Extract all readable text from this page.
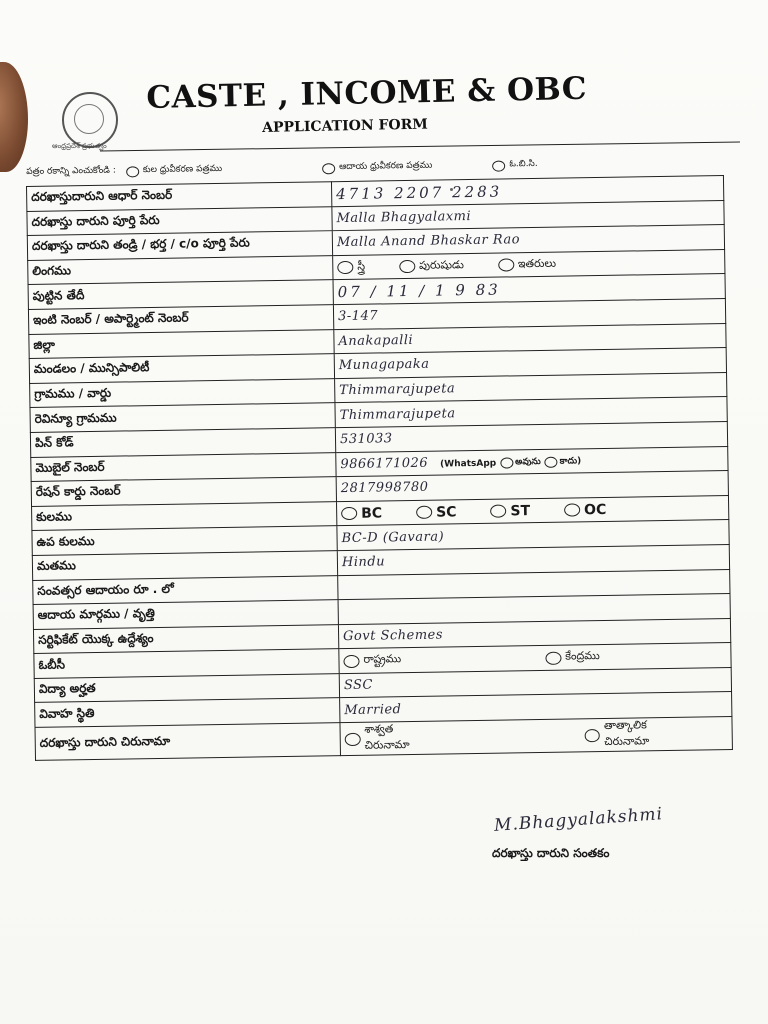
ఆంధ్రప్రదేశ్ ప్రభుత్వం
CASTE , INCOME & OBC
APPLICATION FORM
పత్రం రకాన్ని ఎంచుకోండి :	కుల ధ్రువీకరణ పత్రము	ఆదాయ ధ్రువీకరణ పత్రము	ఓ.బి.సి.
దరఖాస్తుదారుని ఆధార్ నెంబర్	4713 2207 2283
దరఖాస్తు దారుని పూర్తి పేరు	Malla Bhagyalaxmi
దరఖాస్తు దారుని తండ్రి / భర్త / c/o పూర్తి పేరు	Malla Anand Bhaskar Rao
లింగము	స్త్రీ పురుషుడు ఇతరులు

పుట్టిన తేదీ	07 / 11 / 1 9 83
ఇంటి నెంబర్ / అపార్ట్మెంట్ నెంబర్	3-147
జిల్లా	Anakapalli
మండలం / మున్సిపాలిటీ	Munagapaka
గ్రామము / వార్డు	Thimmarajupeta
రెవిన్యూ గ్రామము	Thimmarajupeta
పిన్ కోడ్	531033
మొబైల్ నెంబర్	9866171026 (WhatsApp అవును కాదు)

రేషన్ కార్డు నెంబర్	2817998780
కులము	BC SC ST OC

ఉప కులము	BC-D (Gavara)
మతము	Hindu
సంవత్సర ఆదాయం రూ . లో	
ఆదాయ మార్గము / వృత్తి	
సర్టిఫికేట్ యొక్క ఉద్దేశ్యం	Govt Schemes
ఓబీసీ	రాష్ట్రము కేంద్రము

విద్యా అర్హత	SSC
వివాహ స్థితి	Married
దరఖాస్తు దారుని చిరునామా	శాశ్వత చిరునామా
తాత్కాలిక చిరునామా
M.Bhagyalakshmi
దరఖాస్తు దారుని సంతకం
